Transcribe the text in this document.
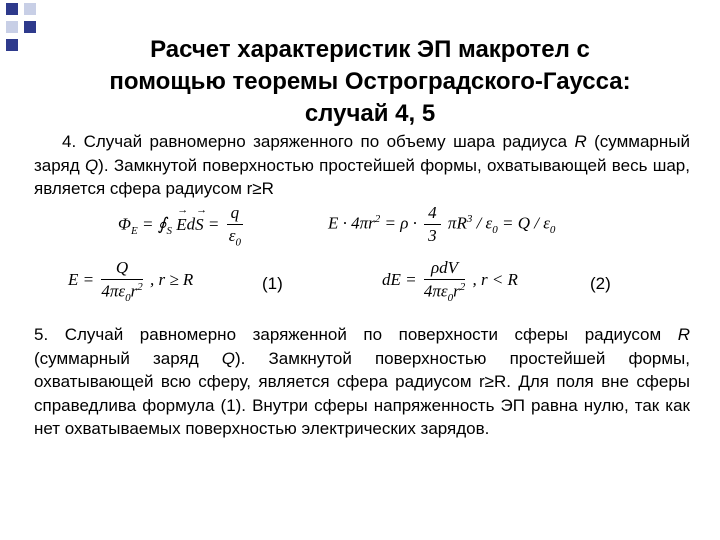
Расчет характеристик ЭП макротел с
помощью теоремы Остроградского-Гаусса:
случай 4, 5
4. Случай равномерно заряженного по объему шара радиуса R (суммарный заряд Q). Замкнутой поверхностью простейшей формы, охватывающей весь шар, является сфера радиусом r≥R
$\Phi_E$ = $∮_S$ E
→
dS
→
= $\frac{q}{\varepsilon_0}$	$E \cdot 4\pi r^2 = \rho \cdot \frac{4}{3} \pi R^3 / \varepsilon_0 = Q / \varepsilon_0$
$E = \frac{Q}{4\pi\varepsilon_0r^2}$ , r ≥ R	(1)	dE = $\frac{\text{ρdV}}{4\pi\varepsilon_0r^2}$ , r < R	(2)
5. Случай равномерно заряженной по поверхности сферы радиусом R (суммарный заряд Q). Замкнутой поверхностью простейшей формы, охватывающей всю сферу, является сфера радиусом r≥R. Для поля вне сферы справедлива формула (1). Внутри сферы напряженность ЭП равна нулю, так как нет охватываемых поверхностью электрических зарядов.
